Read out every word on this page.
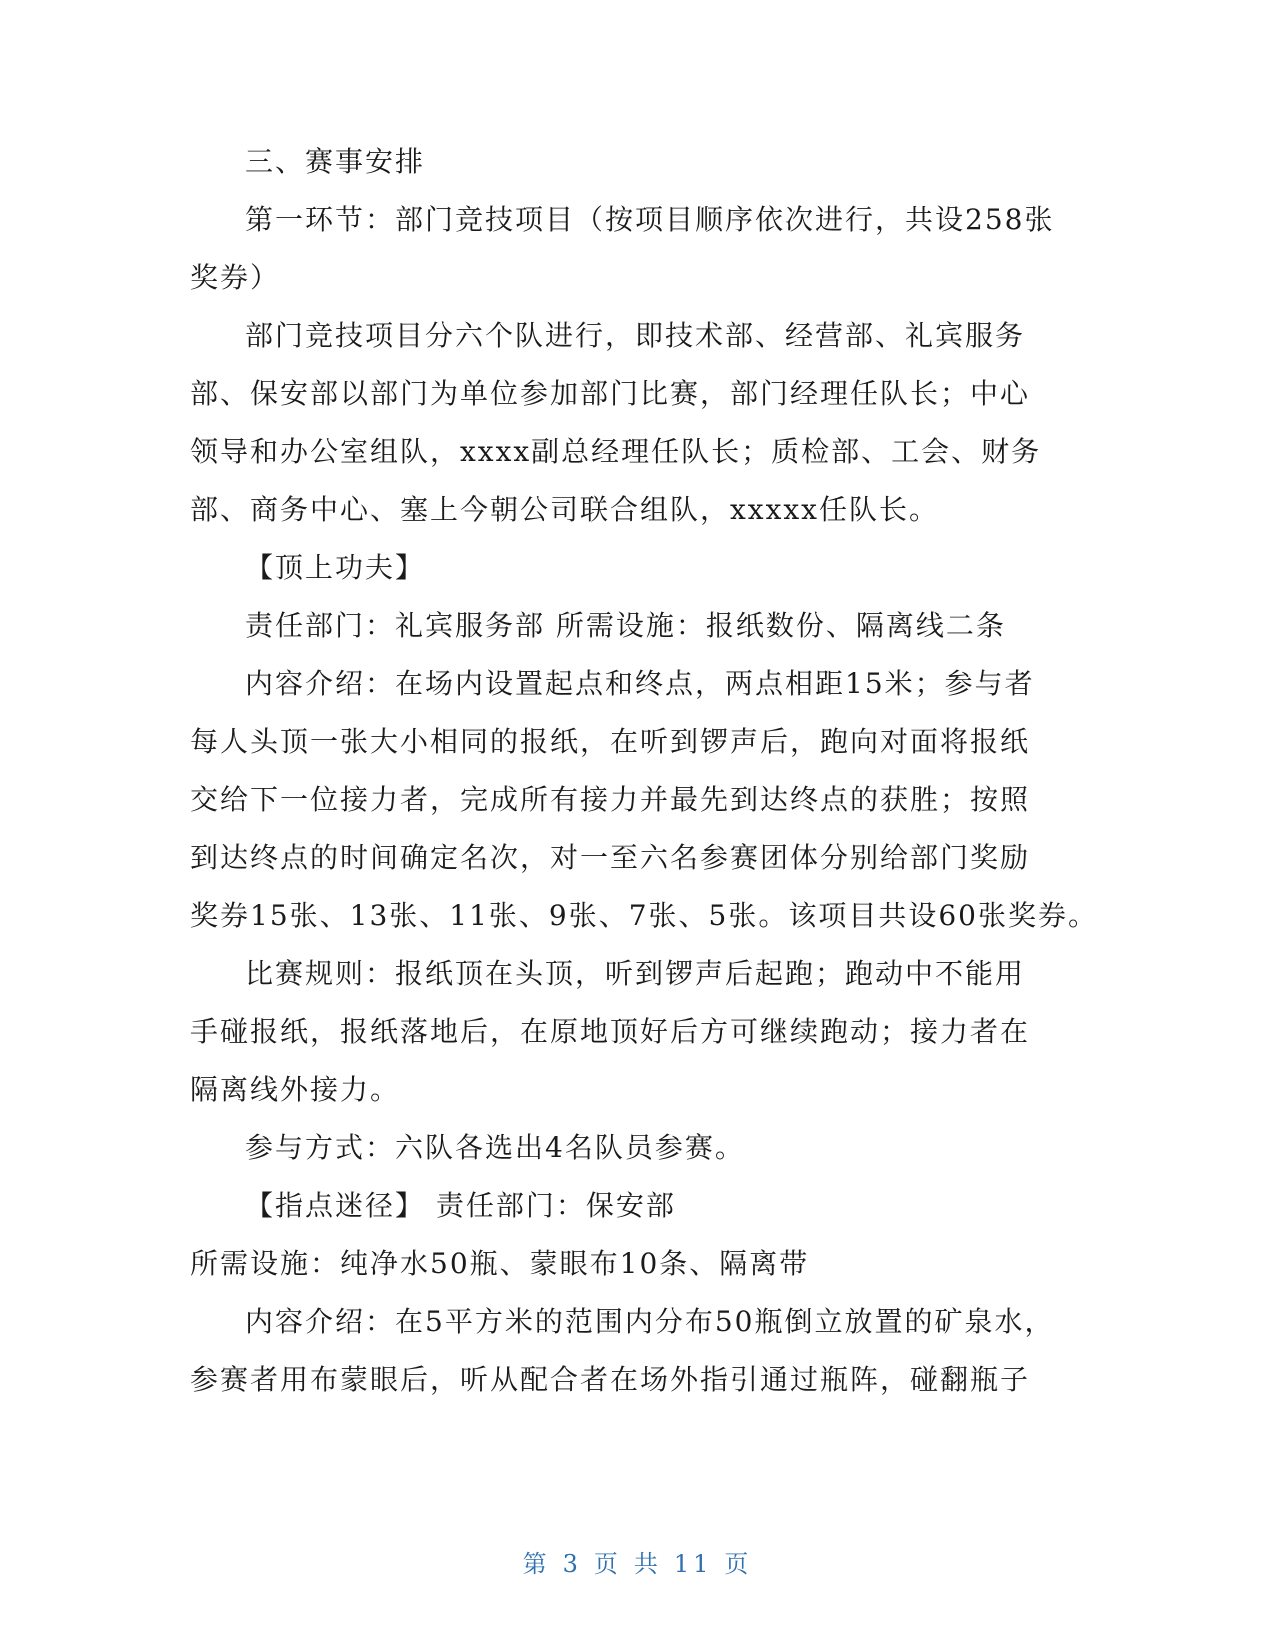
三、赛事安排
第一环节：部门竞技项目（按项目顺序依次进行，共设258张
奖券）
部门竞技项目分六个队进行，即技术部、经营部、礼宾服务
部、保安部以部门为单位参加部门比赛，部门经理任队长；中心
领导和办公室组队，xxxx副总经理任队长；质检部、工会、财务
部、商务中心、塞上今朝公司联合组队，xxxxx任队长。
【顶上功夫】
责任部门：礼宾服务部 所需设施：报纸数份、隔离线二条
内容介绍：在场内设置起点和终点，两点相距15米；参与者
每人头顶一张大小相同的报纸，在听到锣声后，跑向对面将报纸
交给下一位接力者，完成所有接力并最先到达终点的获胜；按照
到达终点的时间确定名次，对一至六名参赛团体分别给部门奖励
奖券15张、13张、11张、9张、7张、5张。该项目共设60张奖券。
比赛规则：报纸顶在头顶，听到锣声后起跑；跑动中不能用
手碰报纸，报纸落地后，在原地顶好后方可继续跑动；接力者在
隔离线外接力。
参与方式：六队各选出4名队员参赛。
【指点迷径】 责任部门：保安部
所需设施：纯净水50瓶、蒙眼布10条、隔离带
内容介绍：在5平方米的范围内分布50瓶倒立放置的矿泉水，
参赛者用布蒙眼后，听从配合者在场外指引通过瓶阵，碰翻瓶子
第 3 页 共 11 页
